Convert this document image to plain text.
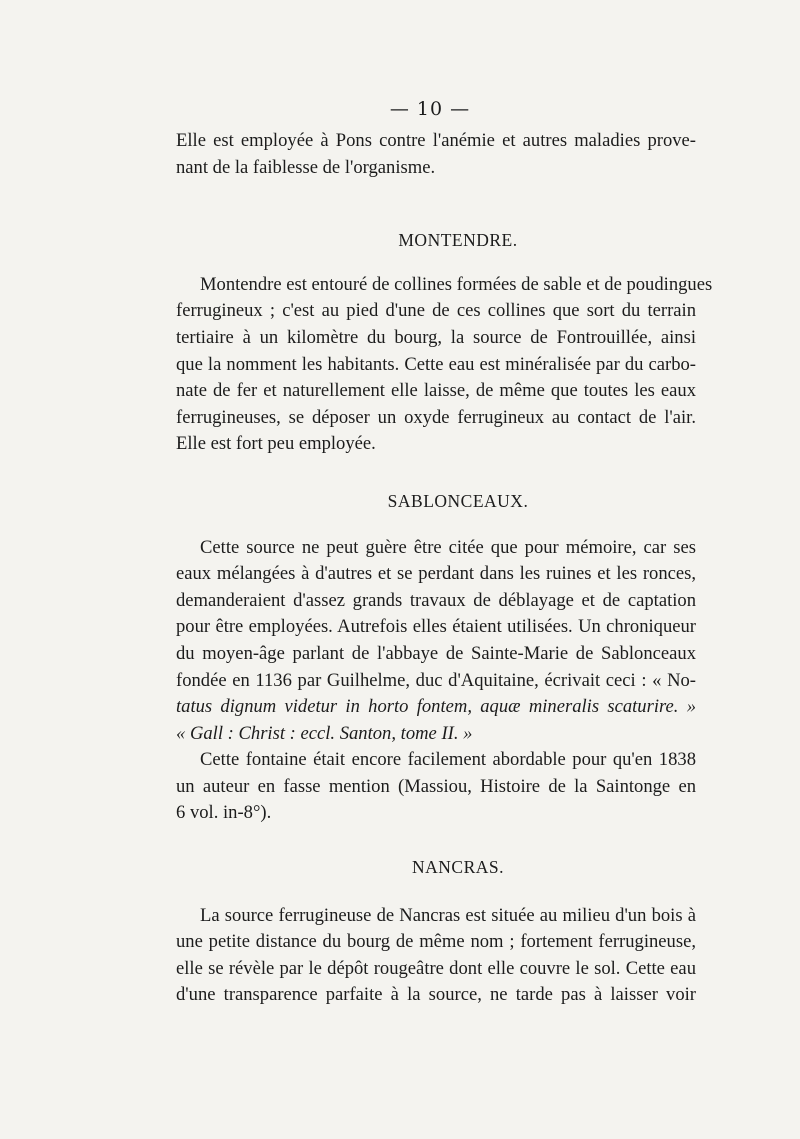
— 10 —
Elle est employée à Pons contre l'anémie et autres maladies prove-
nant de la faiblesse de l'organisme.
MONTENDRE.
Montendre est entouré de collines formées de sable et de poudingues
ferrugineux ; c'est au pied d'une de ces collines que sort du terrain
tertiaire à un kilomètre du bourg, la source de Fontrouillée, ainsi
que la nomment les habitants. Cette eau est minéralisée par du carbo-
nate de fer et naturellement elle laisse, de même que toutes les eaux
ferrugineuses, se déposer un oxyde ferrugineux au contact de l'air.
Elle est fort peu employée.
SABLONCEAUX.
Cette source ne peut guère être citée que pour mémoire, car ses
eaux mélangées à d'autres et se perdant dans les ruines et les ronces,
demanderaient d'assez grands travaux de déblayage et de captation
pour être employées. Autrefois elles étaient utilisées. Un chroniqueur
du moyen-âge parlant de l'abbaye de Sainte-Marie de Sablonceaux
fondée en 1136 par Guilhelme, duc d'Aquitaine, écrivait ceci : « No-
tatus dignum videtur in horto fontem, aquæ mineralis scaturire. »
« Gall : Christ : eccl. Santon, tome II. »
Cette fontaine était encore facilement abordable pour qu'en 1838
un auteur en fasse mention (Massiou, Histoire de la Saintonge en
6 vol. in-8°).
NANCRAS.
La source ferrugineuse de Nancras est située au milieu d'un bois à
une petite distance du bourg de même nom ; fortement ferrugineuse,
elle se révèle par le dépôt rougeâtre dont elle couvre le sol. Cette eau
d'une transparence parfaite à la source, ne tarde pas à laisser voir
